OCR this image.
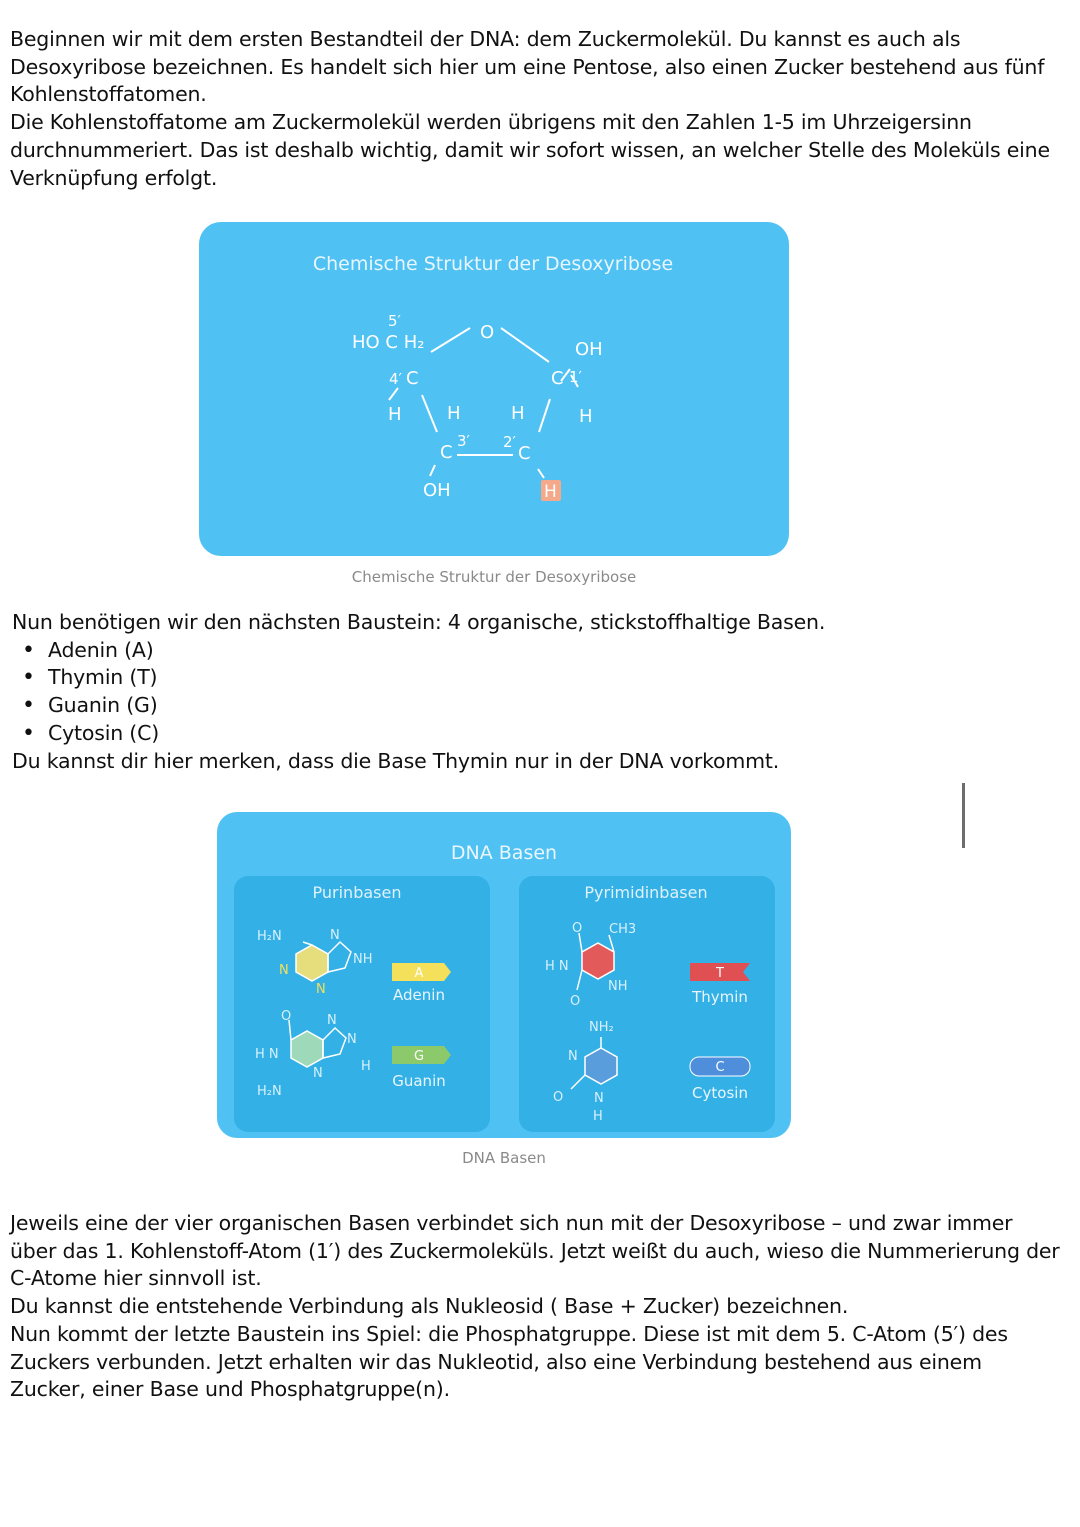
Beginnen wir mit dem ersten Bestandteil der DNA: dem Zuckermolekül. Du kannst es auch als Desoxyribose bezeichnen. Es handelt sich hier um eine Pentose, also einen Zucker bestehend aus fünf Kohlenstoffatomen.

Die Kohlenstoffatome am Zuckermolekül werden übrigens mit den Zahlen 1-5 im Uhrzeigersinn durchnummeriert. Das ist deshalb wichtig, damit wir sofort wissen, an welcher Stelle des Moleküls eine Verknüpfung erfolgt.

Chemische Struktur der Desoxyribose
5′
HO C H₂	O
OH
4′ C	C 1′
H	H	H	H
3′ 2′
C	C
OH	H
Chemische Struktur der Desoxyribose

Nun benötigen wir den nächsten Baustein: 4 organische, stickstoffhaltige Basen.

• Adenin (A)
• Thymin (T)
• Guanin (G)
• Cytosin (C)

Du kannst dir hier merken, dass die Base Thymin nur in der DNA vorkommt.

DNA Basen
Purinbasen	Pyrimidinbasen
H₂N
N
N
N
NH
A
Adenin
O
H N
H₂N
N
N
N	H
G
Guanin
O CH3
H N
NH
O
T
Thymin
NH₂
N
O N
H
C
Cytosin
DNA Basen

Jeweils eine der vier organischen Basen verbindet sich nun mit der Desoxyribose – und zwar immer über das 1. Kohlenstoff-Atom (1′) des Zuckermoleküls. Jetzt weißt du auch, wieso die Nummerierung der C-Atome hier sinnvoll ist.

Du kannst die entstehende Verbindung als Nukleosid ( Base + Zucker) bezeichnen.

Nun kommt der letzte Baustein ins Spiel: die Phosphatgruppe. Diese ist mit dem 5. C-Atom (5′) des Zuckers verbunden. Jetzt erhalten wir das Nukleotid, also eine Verbindung bestehend aus einem Zucker, einer Base und Phosphatgruppe(n).
